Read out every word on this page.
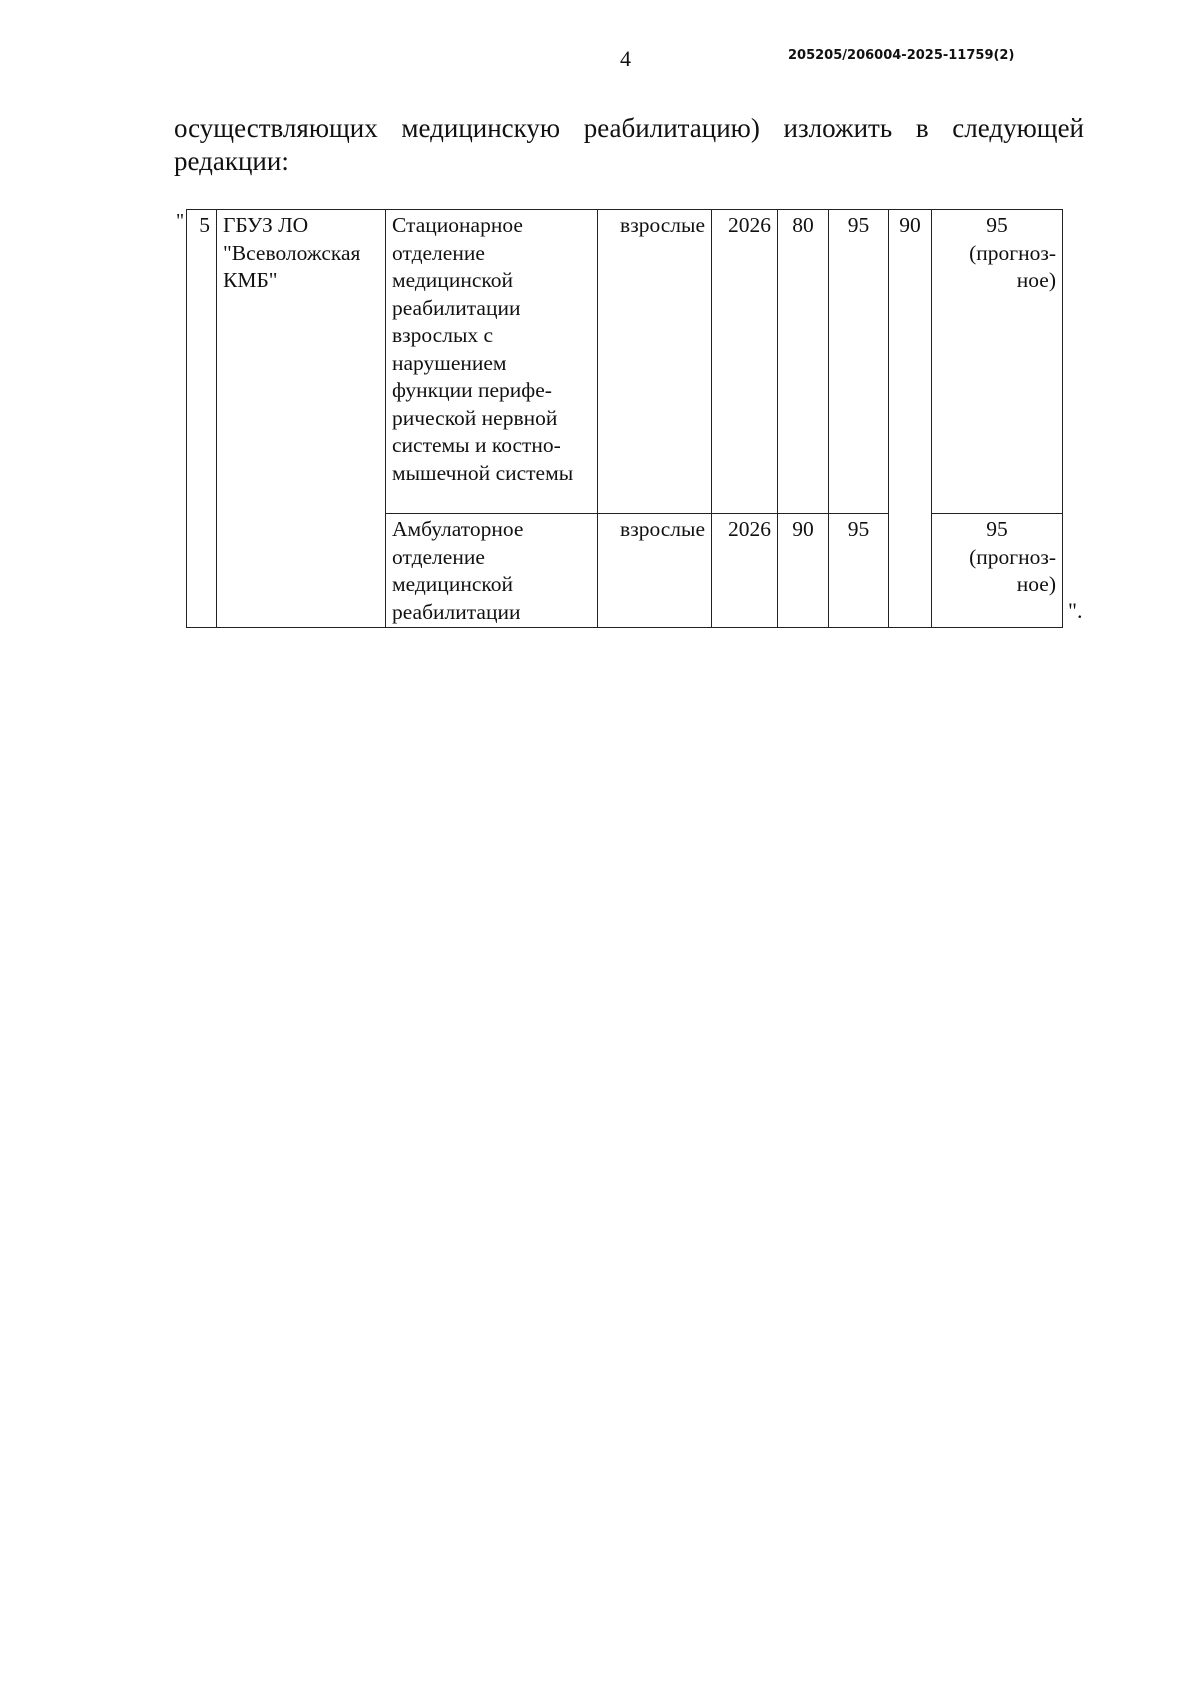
4	205205/206004-2025-11759(2)

осуществляющих медицинскую реабилитацию) изложить в следующей
редакции:

" 5	ГБУЗ ЛО "Всеволожская КМБ"	Стационарное отделение медицинской реабилитации взрослых с нарушением функции перифе-рической нервной системы и костно-мышечной системы	взрослые	2026	80	95	90	95
(прогноз-ное)

		Амбулаторное отделение медицинской реабилитации	взрослые	2026	90	95		95
(прогноз-ное)
".
